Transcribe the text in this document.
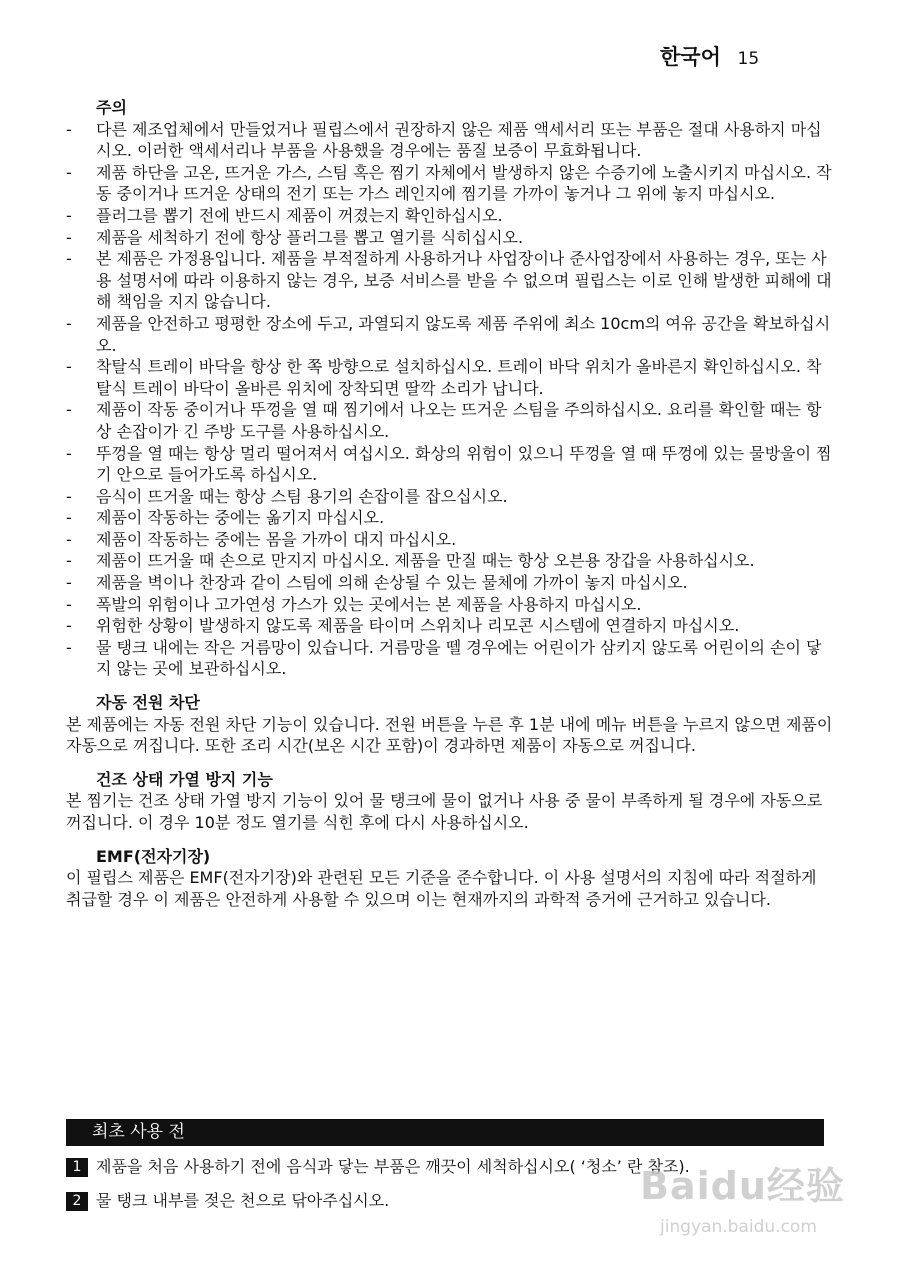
한국어 15
주의
- 다른 제조업체에서 만들었거나 필립스에서 권장하지 않은 제품 액세서리 또는 부품은 절대 사용하지 마십시오. 이러한 액세서리나 부품을 사용했을 경우에는 품질 보증이 무효화됩니다.
- 제품 하단을 고온, 뜨거운 가스, 스팀 혹은 찜기 자체에서 발생하지 않은 수증기에 노출시키지 마십시오. 작동 중이거나 뜨거운 상태의 전기 또는 가스 레인지에 찜기를 가까이 놓거나 그 위에 놓지 마십시오.
- 플러그를 뽑기 전에 반드시 제품이 꺼졌는지 확인하십시오.
- 제품을 세척하기 전에 항상 플러그를 뽑고 열기를 식히십시오.
- 본 제품은 가정용입니다. 제품을 부적절하게 사용하거나 사업장이나 준사업장에서 사용하는 경우, 또는 사용 설명서에 따라 이용하지 않는 경우, 보증 서비스를 받을 수 없으며 필립스는 이로 인해 발생한 피해에 대해 책임을 지지 않습니다.
- 제품을 안전하고 평평한 장소에 두고, 과열되지 않도록 제품 주위에 최소 10cm의 여유 공간을 확보하십시오.
- 착탈식 트레이 바닥을 항상 한 쪽 방향으로 설치하십시오. 트레이 바닥 위치가 올바른지 확인하십시오. 착탈식 트레이 바닥이 올바른 위치에 장착되면 딸깍 소리가 납니다.
- 제품이 작동 중이거나 뚜껑을 열 때 찜기에서 나오는 뜨거운 스팀을 주의하십시오. 요리를 확인할 때는 항상 손잡이가 긴 주방 도구를 사용하십시오.
- 뚜껑을 열 때는 항상 멀리 떨어져서 여십시오. 화상의 위험이 있으니 뚜껑을 열 때 뚜껑에 있는 물방울이 찜기 안으로 들어가도록 하십시오.
- 음식이 뜨거울 때는 항상 스팀 용기의 손잡이를 잡으십시오.
- 제품이 작동하는 중에는 옮기지 마십시오.
- 제품이 작동하는 중에는 몸을 가까이 대지 마십시오.
- 제품이 뜨거울 때 손으로 만지지 마십시오. 제품을 만질 때는 항상 오븐용 장갑을 사용하십시오.
- 제품을 벽이나 찬장과 같이 스팀에 의해 손상될 수 있는 물체에 가까이 놓지 마십시오.
- 폭발의 위험이나 고가연성 가스가 있는 곳에서는 본 제품을 사용하지 마십시오.
- 위험한 상황이 발생하지 않도록 제품을 타이머 스위치나 리모콘 시스템에 연결하지 마십시오.
- 물 탱크 내에는 작은 거름망이 있습니다. 거름망을 뗄 경우에는 어린이가 삼키지 않도록 어린이의 손이 닿지 않는 곳에 보관하십시오.
자동 전원 차단

본 제품에는 자동 전원 차단 기능이 있습니다. 전원 버튼을 누른 후 1분 내에 메뉴 버튼을 누르지 않으면 제품이 자동으로 꺼집니다. 또한 조리 시간(보온 시간 포함)이 경과하면 제품이 자동으로 꺼집니다.

건조 상태 가열 방지 기능

본 찜기는 건조 상태 가열 방지 기능이 있어 물 탱크에 물이 없거나 사용 중 물이 부족하게 될 경우에 자동으로 꺼집니다. 이 경우 10분 정도 열기를 식힌 후에 다시 사용하십시오.

EMF(전자기장)

이 필립스 제품은 EMF(전자기장)와 관련된 모든 기준을 준수합니다. 이 사용 설명서의 지침에 따라 적절하게 취급할 경우 이 제품은 안전하게 사용할 수 있으며 이는 현재까지의 과학적 증거에 근거하고 있습니다.

최초 사용 전
1 제품을 처음 사용하기 전에 음식과 닿는 부품은 깨끗이 세척하십시오( ‘청소’ 란 참조).
2 물 탱크 내부를 젖은 천으로 닦아주십시오.	Baidu经验
jingyan.baidu.com
